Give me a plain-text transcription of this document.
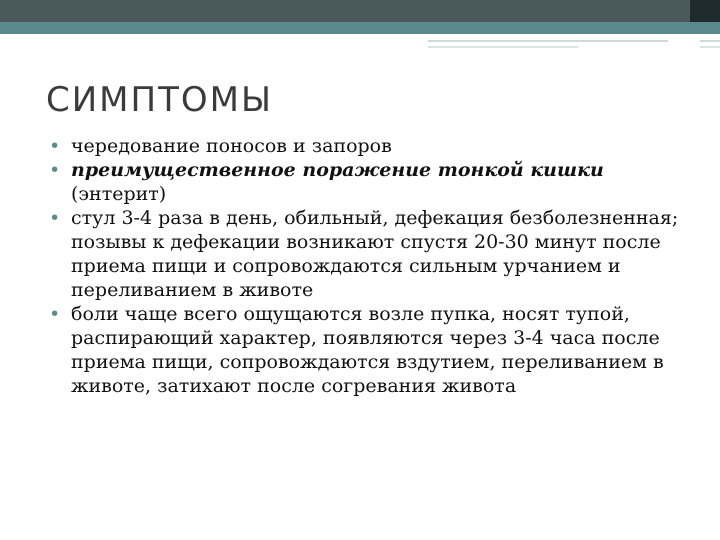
СИМПТОМЫ
• чередование поносов и запоров
• преимущественное поражение тонкой кишки (энтерит)
• стул 3-4 раза в день, обильный, дефекация безболезненная; позывы к дефекации возникают спустя 20-30 минут после приема пищи и сопровождаются сильным урчанием и переливанием в животе
• боли чаще всего ощущаются возле пупка, носят тупой, распирающий характер, появляются через 3-4 часа после приема пищи, сопровождаются вздутием, переливанием в животе, затихают после согревания живота
